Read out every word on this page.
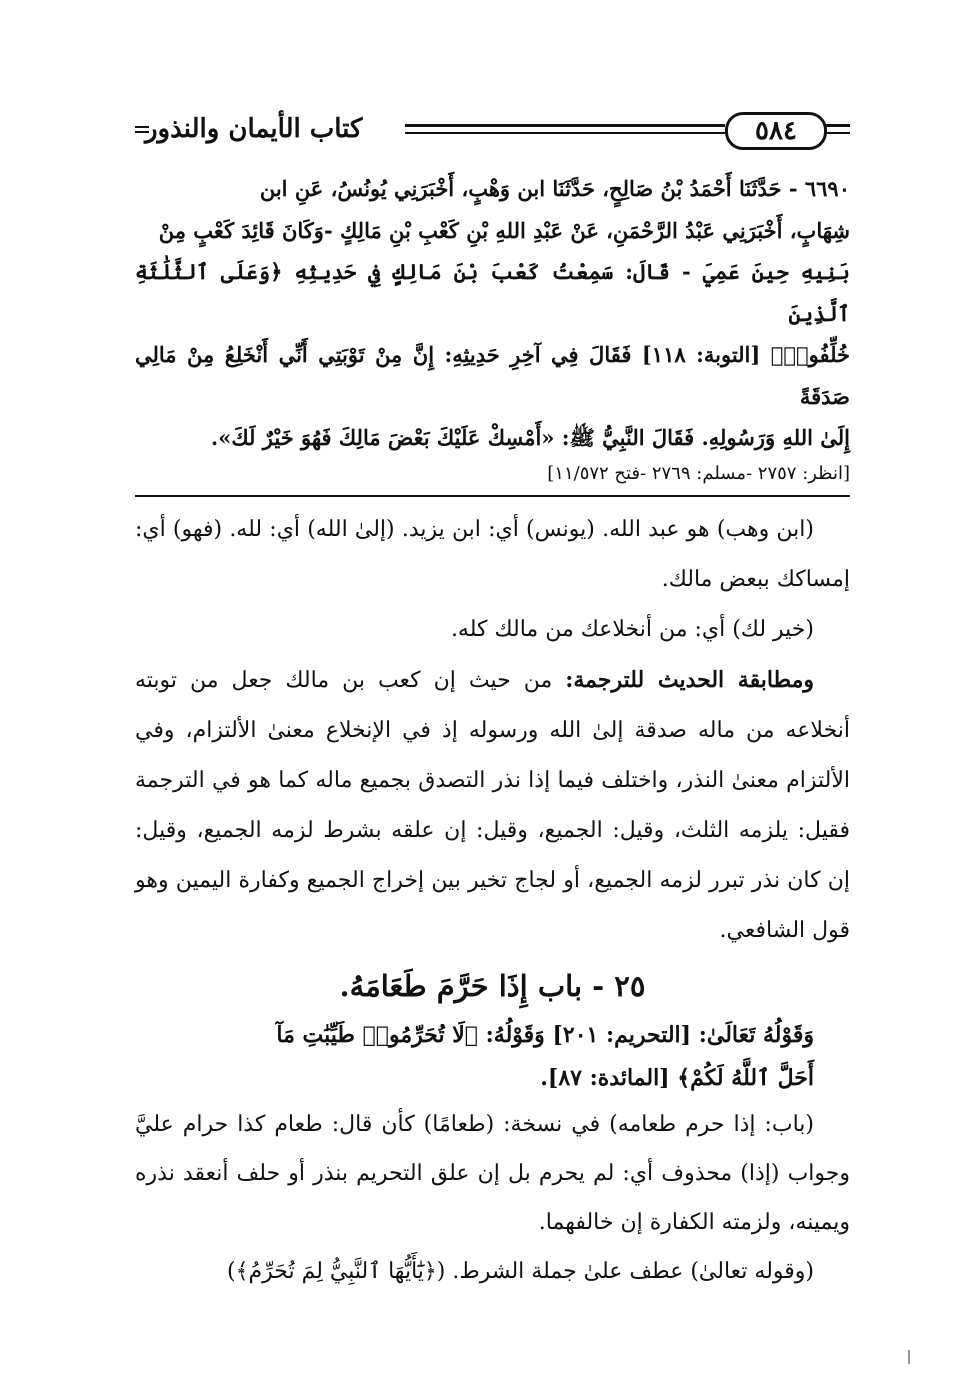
كتاب الأيمان والنذور	٥٨٤

٦٦٩٠ - حَدَّثَنَا أَحْمَدُ بْنُ صَالِحٍ، حَدَّثَنَا ابن وَهْبٍ، أَخْبَرَنِي يُونُسُ، عَنِ ابن

شِهَابٍ، أَخْبَرَنِي عَبْدُ الرَّحْمَنِ، عَنْ عَبْدِ اللهِ بْنِ كَعْبِ بْنِ مَالِكٍ -وَكَانَ قَائِدَ كَعْبٍ مِنْ

بَنِيهِ حِينَ عَمِيَ - قَالَ: سَمِعْتُ كَعْبَ بْنَ مَالِكٍ فِي حَدِيثِهِ ﴿وَعَلَى ٱلثَّلَٰثَةِ ٱلَّذِينَ

خُلِّفُوا۟﴾ [التوبة: ١١٨] فَقَالَ فِي آخِرِ حَدِيثِهِ: إِنَّ مِنْ تَوْبَتِي أَنِّي أَنْخَلِعُ مِنْ مَالِي صَدَقَةً

إِلَىٰ اللهِ وَرَسُولِهِ. فَقَالَ النَّبِيُّ ﷺ: «أَمْسِكْ عَلَيْكَ بَعْضَ مَالِكَ فَهُوَ خَيْرٌ لَكَ».

[انظر: ٢٧٥٧ -مسلم: ٢٧٦٩ -فتح ١١/٥٧٢]

(ابن وهب) هو عبد الله. (يونس) أي: ابن يزيد. (إلىٰ الله) أي: لله. (فهو) أي: إمساكك ببعض مالك.

(خير لك) أي: من أنخلاعك من مالك كله.

ومطابقة الحديث للترجمة: من حيث إن كعب بن مالك جعل من توبته أنخلاعه من ماله صدقة إلىٰ الله ورسوله إذ في الإنخلاع معنىٰ الألتزام، وفي الألتزام معنىٰ النذر، واختلف فيما إذا نذر التصدق بجميع ماله كما هو في الترجمة فقيل: يلزمه الثلث، وقيل: الجميع، وقيل: إن علقه بشرط لزمه الجميع، وقيل: إن كان نذر تبرر لزمه الجميع، أو لجاج تخير بين إخراج الجميع وكفارة اليمين وهو قول الشافعي.

٢٥ - باب إِذَا حَرَّمَ طَعَامَهُ.

وَقَوْلُهُ تَعَالَىٰ: [التحريم: ٢٠١] وَقَوْلُهُ: ﴿لَا تُحَرِّمُوا۟ طَيِّبَٰتِ مَآ

أَحَلَّ ٱللَّهُ لَكُمْ﴾ [المائدة: ٨٧].

(باب: إذا حرم طعامه) في نسخة: (طعامًا) كأن قال: طعام كذا حرام عليَّ وجواب (إذا) محذوف أي: لم يحرم بل إن علق التحريم بنذر أو حلف أنعقد نذره ويمينه، ولزمته الكفارة إن خالفهما.

(وقوله تعالىٰ) عطف علىٰ جملة الشرط. (﴿يَٰٓأَيُّهَا ٱلنَّبِيُّ لِمَ تُحَرِّمُ﴾)
